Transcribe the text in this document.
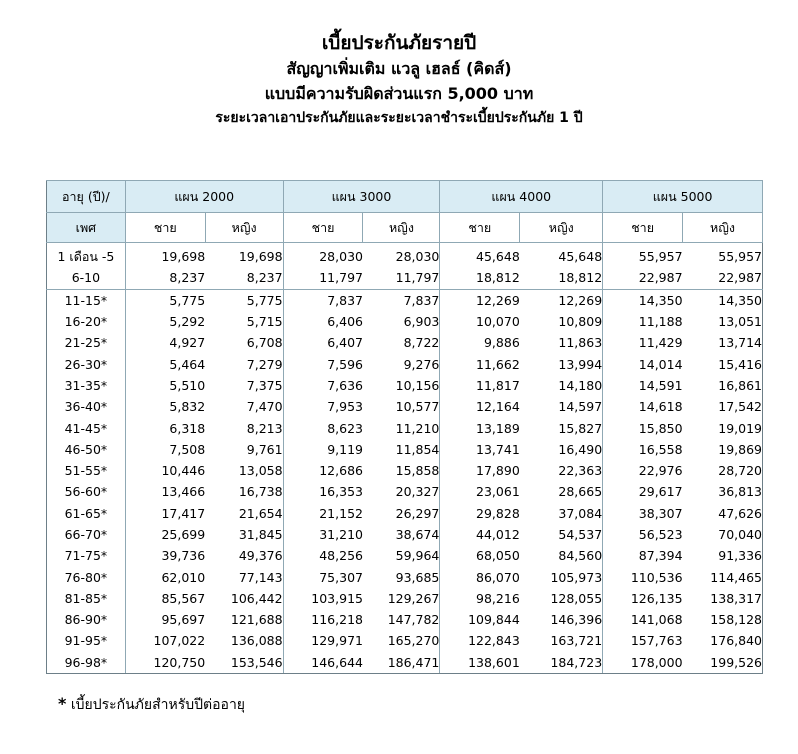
เบี้ยประกันภัยรายปี
สัญญาเพิ่มเติม แวลู เฮลธ์ (คิดส์)
แบบมีความรับผิดส่วนแรก 5,000 บาท
ระยะเวลาเอาประกันภัยและระยะเวลาชำระเบี้ยประกันภัย 1 ปี
อายุ (ปี)/	แผน 2000		แผน 3000		แผน 4000		แผน 5000	
เพศ	ชาย	หญิง	ชาย	หญิง	ชาย	หญิง	ชาย	หญิง
1 เดือน -5	19,698	19,698	28,030	28,030	45,648	45,648	55,957	55,957
6-10	8,237	8,237	11,797	11,797	18,812	18,812	22,987	22,987
11-15*	5,775	5,775	7,837	7,837	12,269	12,269	14,350	14,350
16-20*	5,292	5,715	6,406	6,903	10,070	10,809	11,188	13,051
21-25*	4,927	6,708	6,407	8,722	9,886	11,863	11,429	13,714
26-30*	5,464	7,279	7,596	9,276	11,662	13,994	14,014	15,416
31-35*	5,510	7,375	7,636	10,156	11,817	14,180	14,591	16,861
36-40*	5,832	7,470	7,953	10,577	12,164	14,597	14,618	17,542
41-45*	6,318	8,213	8,623	11,210	13,189	15,827	15,850	19,019
46-50*	7,508	9,761	9,119	11,854	13,741	16,490	16,558	19,869
51-55*	10,446	13,058	12,686	15,858	17,890	22,363	22,976	28,720
56-60*	13,466	16,738	16,353	20,327	23,061	28,665	29,617	36,813
61-65*	17,417	21,654	21,152	26,297	29,828	37,084	38,307	47,626
66-70*	25,699	31,845	31,210	38,674	44,012	54,537	56,523	70,040
71-75*	39,736	49,376	48,256	59,964	68,050	84,560	87,394	91,336
76-80*	62,010	77,143	75,307	93,685	86,070	105,973	110,536	114,465
81-85*	85,567	106,442	103,915	129,267	98,216	128,055	126,135	138,317
86-90*	95,697	121,688	116,218	147,782	109,844	146,396	141,068	158,128
91-95*	107,022	136,088	129,971	165,270	122,843	163,721	157,763	176,840
96-98*	120,750	153,546	146,644	186,471	138,601	184,723	178,000	199,526
* เบี้ยประกันภัยสำหรับปีต่ออายุ
